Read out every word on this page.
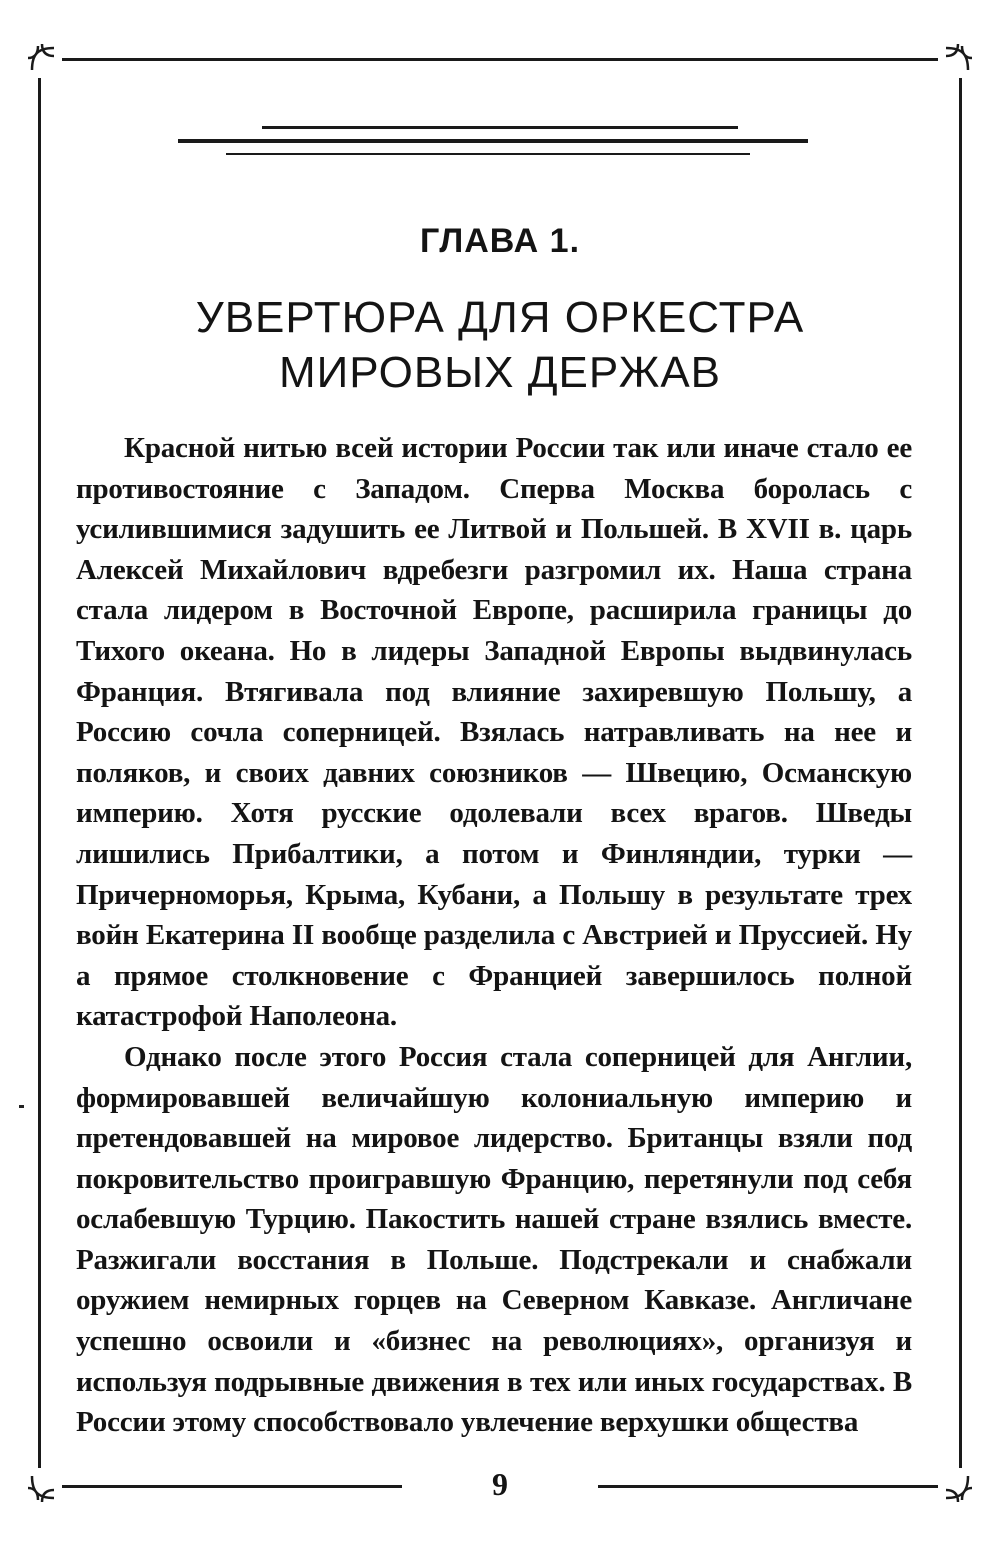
ГЛАВА 1.
УВЕРТЮРА ДЛЯ ОРКЕСТРА МИРОВЫХ ДЕРЖАВ

Красной нитью всей истории России так или иначе стало ее противостояние с Западом. Сперва Москва боролась с усилившимися задушить ее Литвой и Польшей. В XVII в. царь Алексей Михайлович вдребезги разгромил их. Наша страна стала лидером в Восточной Европе, расширила границы до Тихого океана. Но в лидеры Западной Европы выдвинулась Франция. Втягивала под влияние захиревшую Польшу, а Россию сочла соперницей. Взялась натравливать на нее и поляков, и своих давних союзников — Швецию, Османскую империю. Хотя русские одолевали всех врагов. Шведы лишились Прибалтики, а потом и Финляндии, турки — Причерноморья, Крыма, Кубани, а Польшу в результате трех войн Екатерина II вообще разделила с Австрией и Пруссией. Ну а прямое столкновение с Францией завершилось полной катастрофой Наполеона.

Однако после этого Россия стала соперницей для Англии, формировавшей величайшую колониальную империю и претендовавшей на мировое лидерство. Британцы взяли под покровительство проигравшую Францию, перетянули под себя ослабевшую Турцию. Пакостить нашей стране взялись вместе. Разжигали восстания в Польше. Подстрекали и снабжали оружием немирных горцев на Северном Кавказе. Англичане успешно освоили и «бизнес на революциях», организуя и используя подрывные движения в тех или иных государствах. В России этому способствовало увлечение верхушки общества

9
